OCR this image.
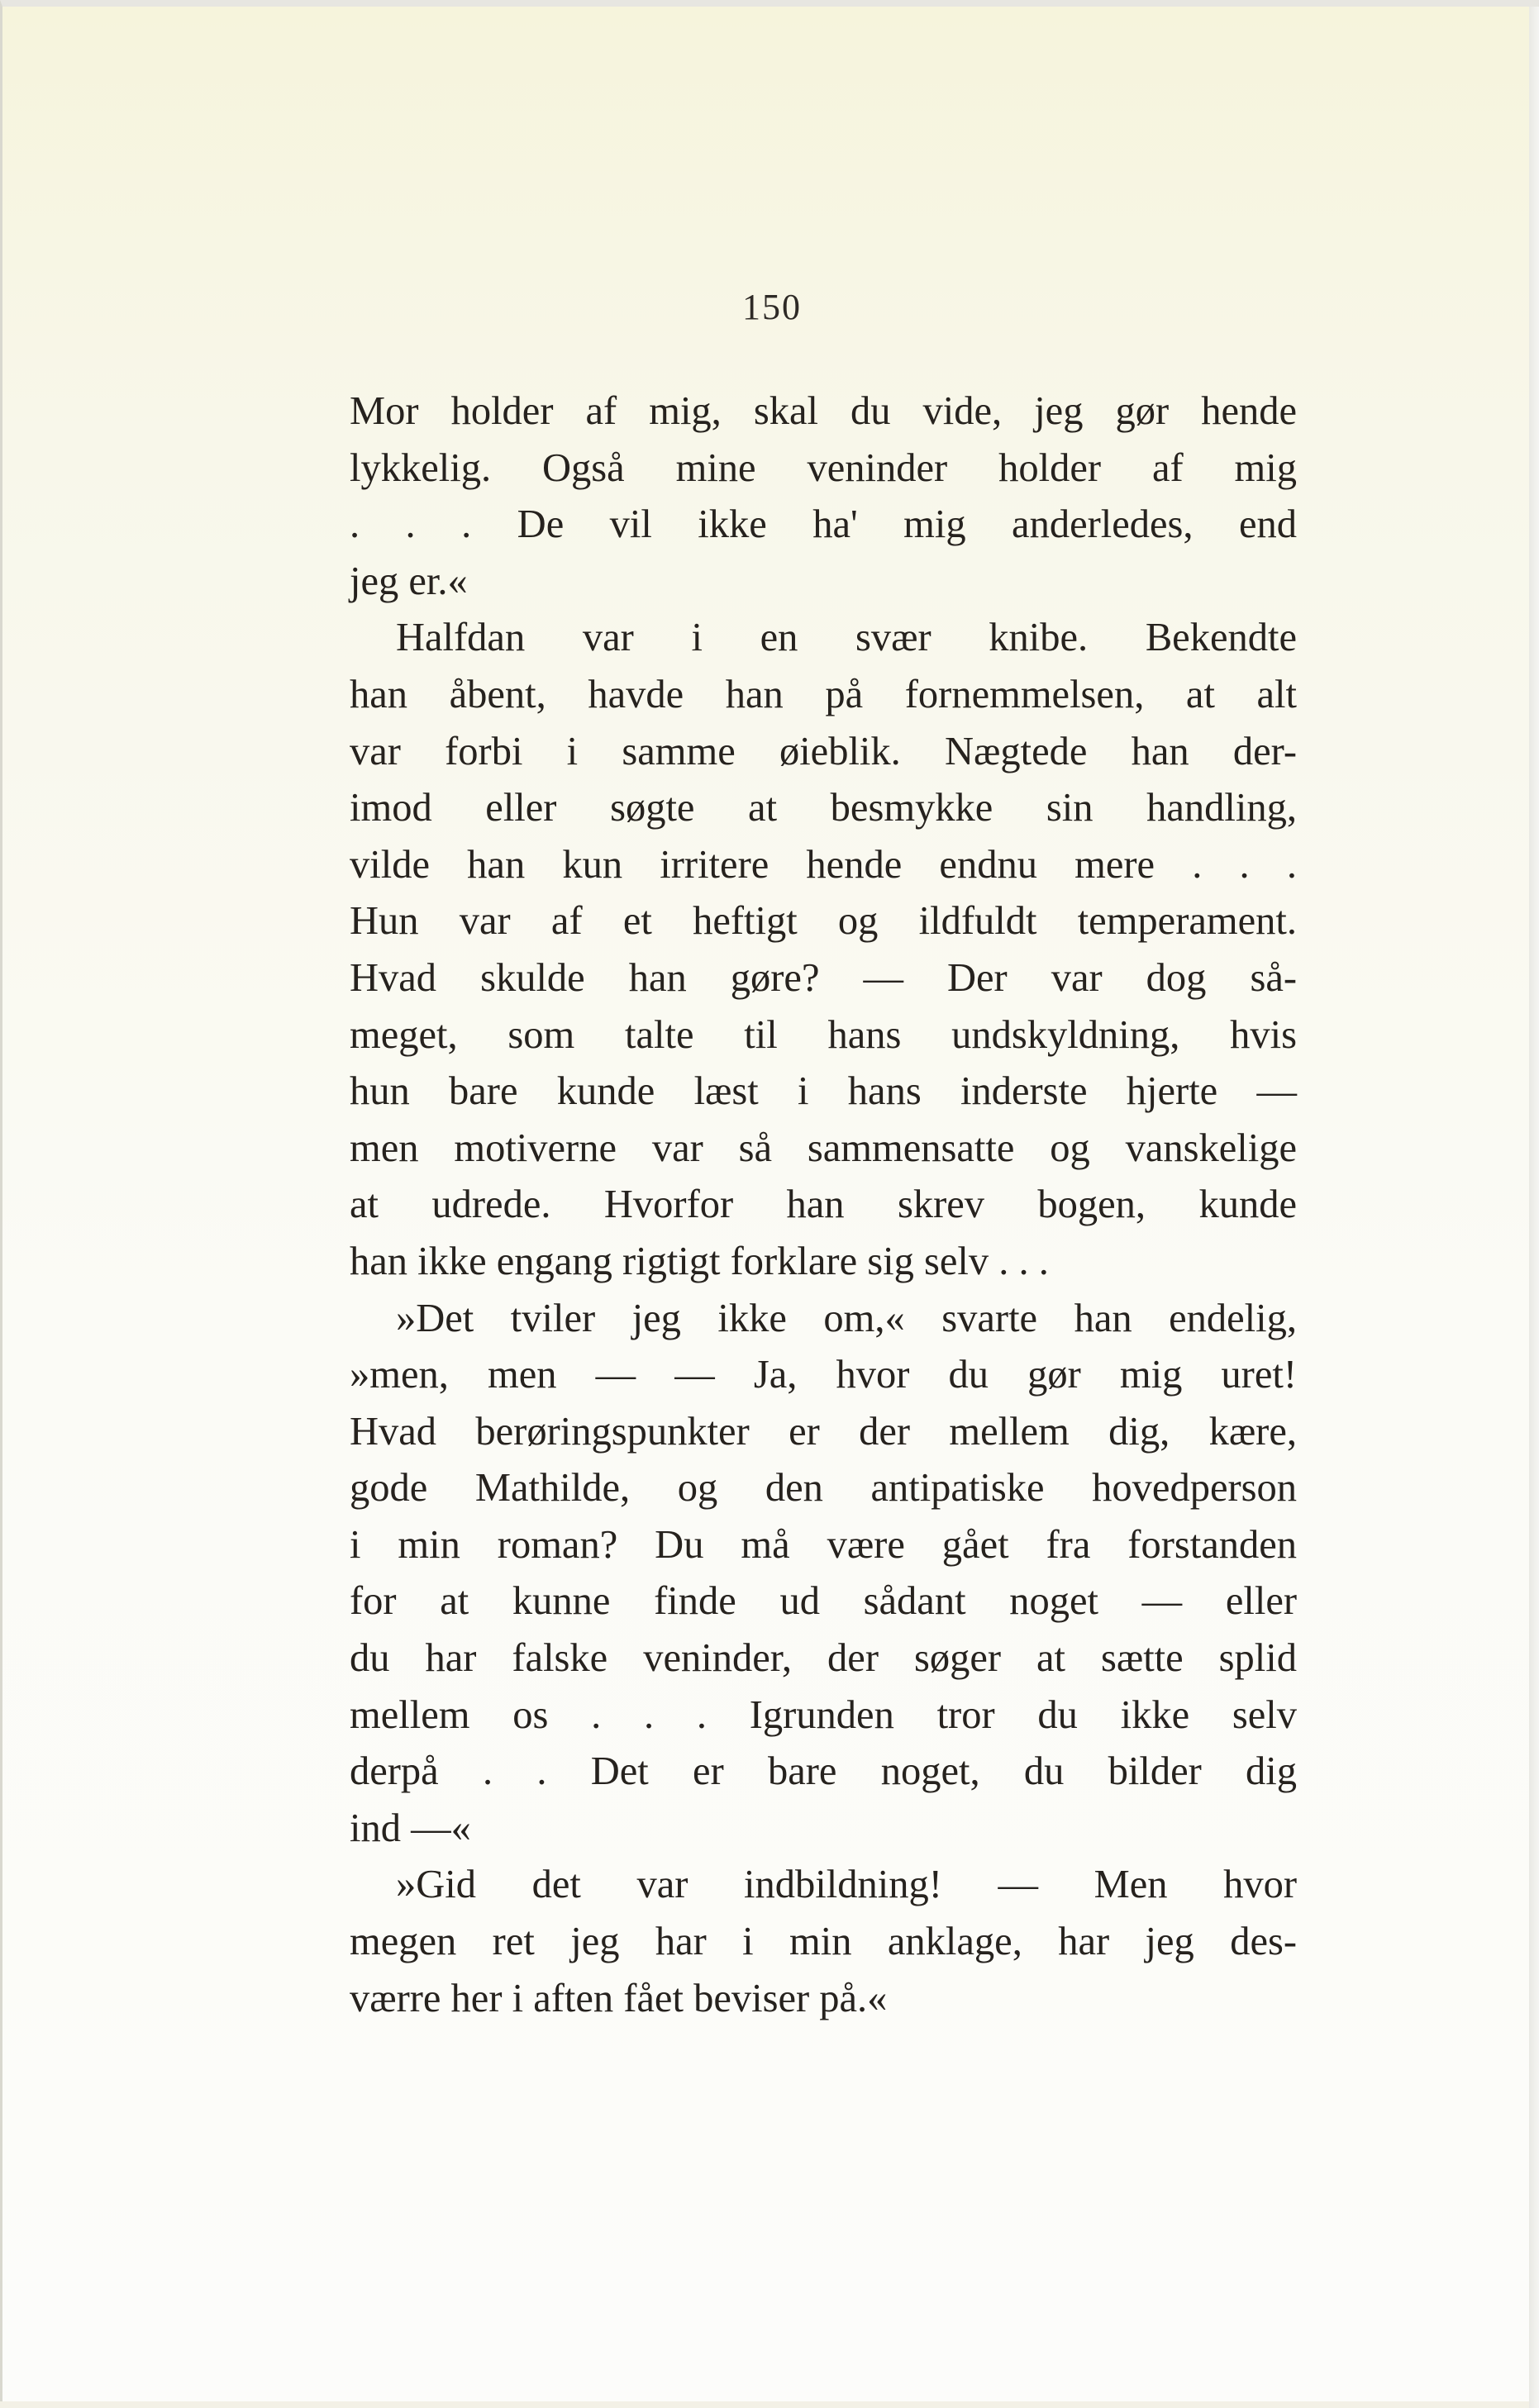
150
Mor holder af mig, skal du vide, jeg gør hende
lykkelig. Også mine veninder holder af mig
. . . De vil ikke ha' mig anderledes, end
jeg er.«
Halfdan var i en svær knibe. Bekendte
han åbent, havde han på fornemmelsen, at alt
var forbi i samme øieblik. Nægtede han der-
imod eller søgte at besmykke sin handling,
vilde han kun irritere hende endnu mere . . .
Hun var af et heftigt og ildfuldt temperament.
Hvad skulde han gøre? — Der var dog så-
meget, som talte til hans undskyldning, hvis
hun bare kunde læst i hans inderste hjerte —
men motiverne var så sammensatte og vanskelige
at udrede. Hvorfor han skrev bogen, kunde
han ikke engang rigtigt forklare sig selv . . .
»Det tviler jeg ikke om,« svarte han endelig,
»men, men — — Ja, hvor du gør mig uret!
Hvad berøringspunkter er der mellem dig, kære,
gode Mathilde, og den antipatiske hovedperson
i min roman? Du må være gået fra forstanden
for at kunne finde ud sådant noget — eller
du har falske veninder, der søger at sætte splid
mellem os . . . Igrunden tror du ikke selv
derpå . . Det er bare noget, du bilder dig
ind —«
»Gid det var indbildning! — Men hvor
megen ret jeg har i min anklage, har jeg des-
værre her i aften fået beviser på.«
